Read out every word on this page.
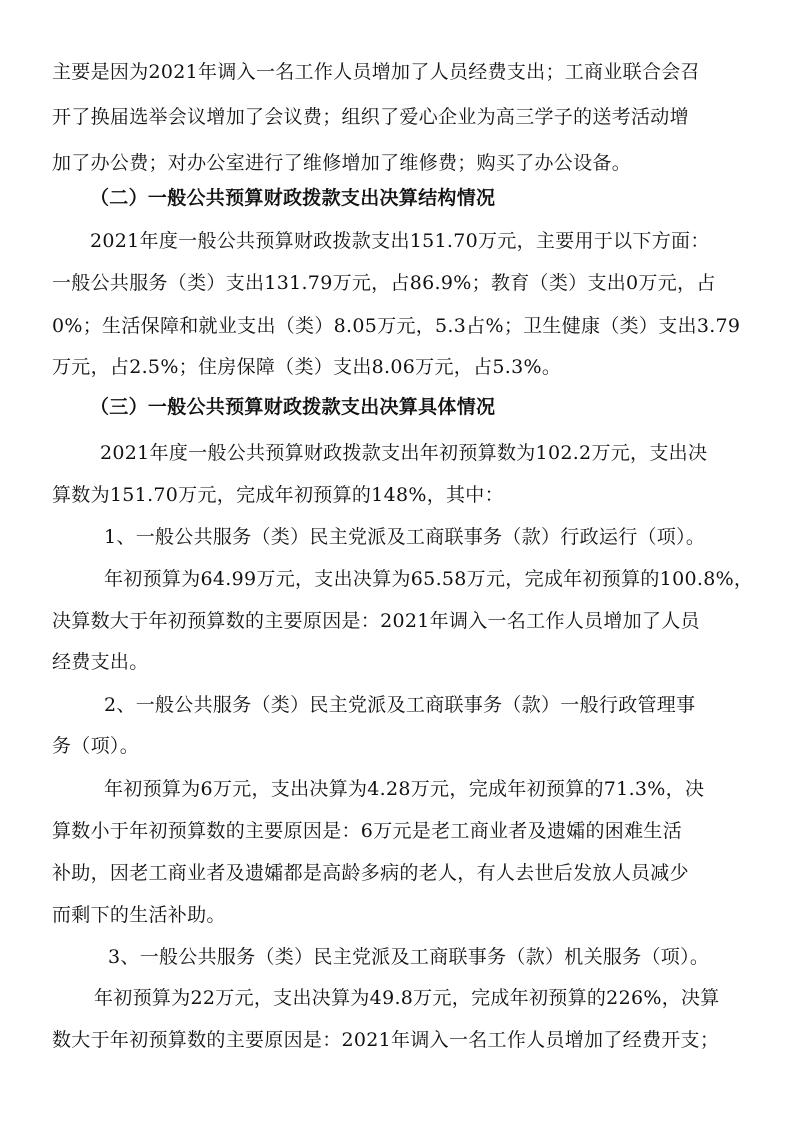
主要是因为2021年调入一名工作人员增加了人员经费支出；工商业联合会召
开了换届选举会议增加了会议费；组织了爱心企业为高三学子的送考活动增
加了办公费；对办公室进行了维修增加了维修费；购买了办公设备。
（二）一般公共预算财政拨款支出决算结构情况
2021年度一般公共预算财政拨款支出151.70万元，主要用于以下方面：
一般公共服务（类）支出131.79万元，占86.9%；教育（类）支出0万元，占
0%；生活保障和就业支出（类）8.05万元，5.3占%；卫生健康（类）支出3.79
万元，占2.5%；住房保障（类）支出8.06万元，占5.3%。
（三）一般公共预算财政拨款支出决算具体情况
2021年度一般公共预算财政拨款支出年初预算数为102.2万元，支出决
算数为151.70万元，完成年初预算的148%，其中：
1、一般公共服务（类）民主党派及工商联事务（款）行政运行（项）。
年初预算为64.99万元，支出决算为65.58万元，完成年初预算的100.8%，
决算数大于年初预算数的主要原因是：2021年调入一名工作人员增加了人员
经费支出。
2、一般公共服务（类）民主党派及工商联事务（款）一般行政管理事
务（项）。
年初预算为6万元，支出决算为4.28万元，完成年初预算的71.3%，决
算数小于年初预算数的主要原因是：6万元是老工商业者及遗孀的困难生活
补助，因老工商业者及遗孀都是高龄多病的老人，有人去世后发放人员减少
而剩下的生活补助。
3、一般公共服务（类）民主党派及工商联事务（款）机关服务（项）。
年初预算为22万元，支出决算为49.8万元，完成年初预算的226%，决算
数大于年初预算数的主要原因是：2021年调入一名工作人员增加了经费开支；
